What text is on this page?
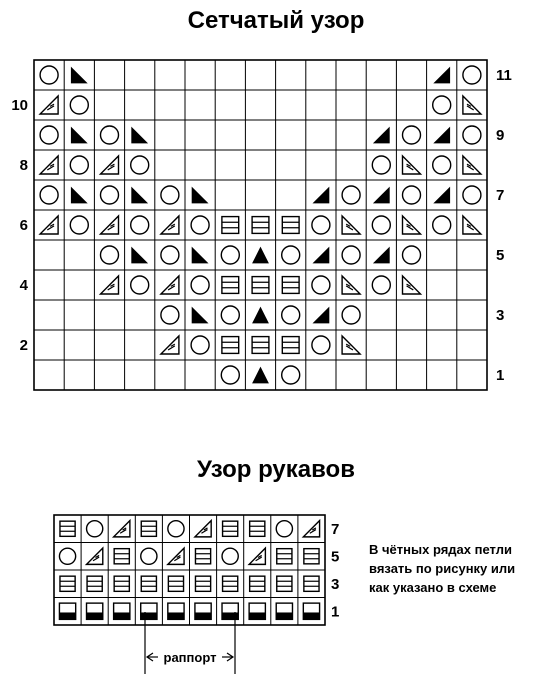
Сетчатый узор
Узор рукавов
11
10
9
8
7
6
5
4
3
2
1
7
5
3
1
раппорт
В чётных рядах петли
вязать по рисунку или
как указано в схеме
